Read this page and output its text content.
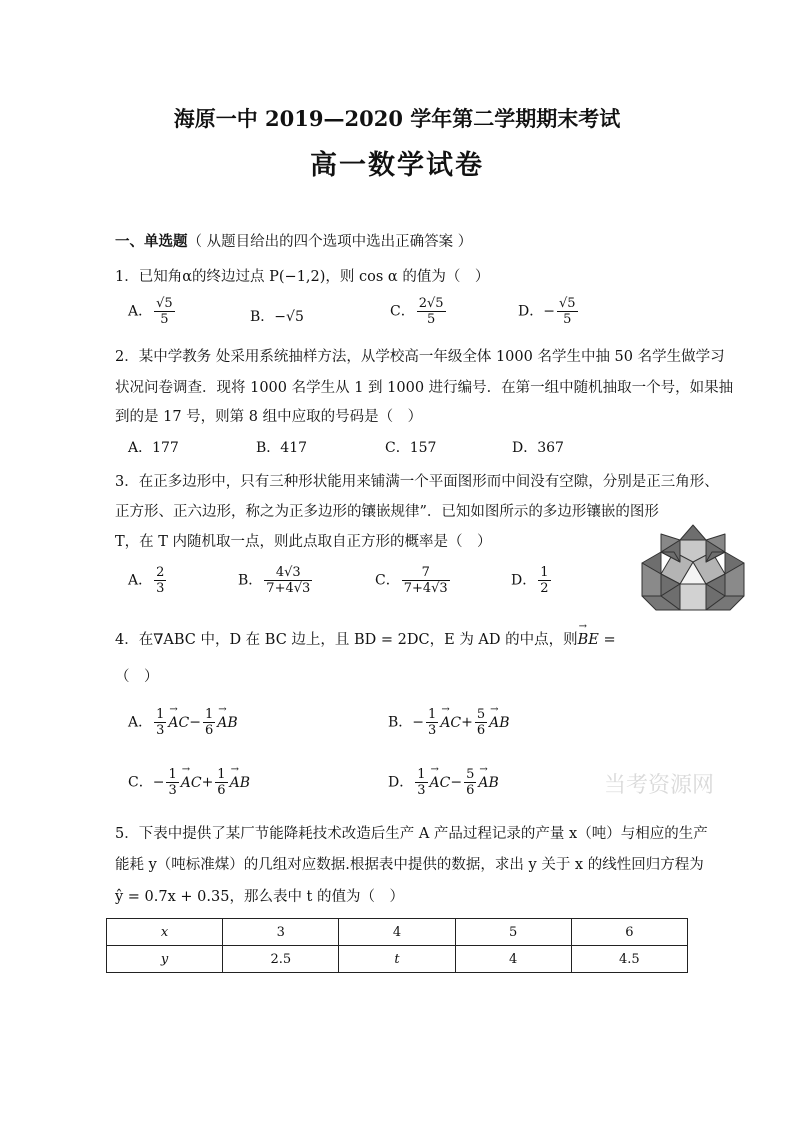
海原一中 2019—2020 学年第二学期期末考试
高一数学试卷
一、单选题（ 从题目给出的四个选项中选出正确答案 ）
1．已知角α的终边过点 P(−1,2)，则 cos α 的值为（　）
A． $\frac{√5}{5}$	B．−√5	C． $\frac{2√5}{5}$	D．− $\frac{√5}{5}$
2．某中学教务 处采用系统抽样方法，从学校高一年级全体 1000 名学生中抽 50 名学生做学习
状况问卷调查．现将 1000 名学生从 1 到 1000 进行编号．在第一组中随机抽取一个号，如果抽
到的是 17 号，则第 8 组中应取的号码是（　）
A．177	B．417	C．157	D．367
3．在正多边形中，只有三种形状能用来铺满一个平面图形而中间没有空隙，分别是正三角形、
正方形、正六边形，称之为正多边形的镶嵌规律”．已知如图所示的多边形镶嵌的图形
T，在 T 内随机取一点，则此点取自正方形的概率是（　）
A． $\frac{2}{3}$	B． $\frac{4√3}{7+4√3}$	C． $\frac{7}{7+4√3}$	D． $\frac{1}{2}$
4．在∇ABC 中，D 在 BC 边上，且 BD = 2DC，E 为 AD 的中点，则→ BE =
（　）
A． $\frac{1}{3} \to AC- \frac{1}{6}$ → AB	B．− $\frac{1}{3} \to AC+ \frac{5}{6}$ → AB
C．− $\frac{1}{3} \to AC+ \frac{1}{6}$ → AB	D． $\frac{1}{3} \to AC- \frac{5}{6}$ → AB	当考资源网
5．下表中提供了某厂节能降耗技术改造后生产 A 产品过程记录的产量 x（吨）与相应的生产
能耗 y（吨标准煤）的几组对应数据.根据表中提供的数据，求出 y 关于 x 的线性回归方程为
ŷ = 0.7x + 0.35，那么表中 t 的值为（　）
x	3	4	5	6
y	2.5	t	4	4.5
